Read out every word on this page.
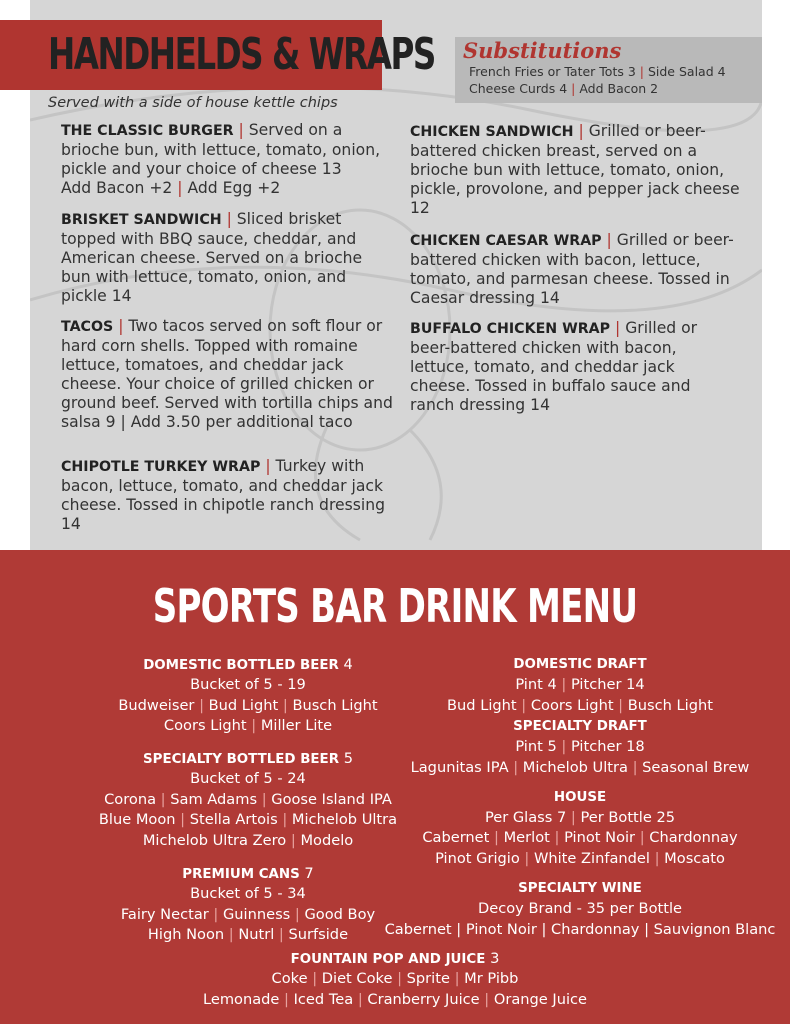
HANDHELDS & WRAPS Substitutions
French Fries or Tater Tots 3 | Side Salad 4
Cheese Curds 4 | Add Bacon 2
Served with a side of house kettle chips
THE CLASSIC BURGER | Served on a brioche bun, with lettuce, tomato, onion, pickle and your choice of cheese 13
Add Bacon +2 | Add Egg +2
BRISKET SANDWICH | Sliced brisket topped with BBQ sauce, cheddar, and American cheese. Served on a brioche bun with lettuce, tomato, onion, and pickle 14
TACOS | Two tacos served on soft flour or hard corn shells. Topped with romaine lettuce, tomatoes, and cheddar jack cheese. Your choice of grilled chicken or ground beef. Served with tortilla chips and salsa 9 | Add 3.50 per additional taco
CHIPOTLE TURKEY WRAP | Turkey with bacon, lettuce, tomato, and cheddar jack cheese. Tossed in chipotle ranch dressing 14
CHICKEN SANDWICH | Grilled or beer-battered chicken breast, served on a brioche bun with lettuce, tomato, onion, pickle, provolone, and pepper jack cheese 12
CHICKEN CAESAR WRAP | Grilled or beer-battered chicken with bacon, lettuce, tomato, and parmesan cheese. Tossed in Caesar dressing 14
BUFFALO CHICKEN WRAP | Grilled or beer-battered chicken with bacon, lettuce, tomato, and cheddar jack cheese. Tossed in buffalo sauce and ranch dressing 14
SPORTS BAR DRINK MENU
DOMESTIC BOTTLED BEER 4
Bucket of 5 - 19
Budweiser | Bud Light | Busch Light
Coors Light | Miller Lite
SPECIALTY BOTTLED BEER 5
Bucket of 5 - 24
Corona | Sam Adams | Goose Island IPA
Blue Moon | Stella Artois | Michelob Ultra
Michelob Ultra Zero | Modelo
PREMIUM CANS 7
Bucket of 5 - 34
Fairy Nectar | Guinness | Good Boy
High Noon | Nutrl | Surfside
DOMESTIC DRAFT
Pint 4 | Pitcher 14
Bud Light | Coors Light | Busch Light
SPECIALTY DRAFT
Pint 5 | Pitcher 18
Lagunitas IPA | Michelob Ultra | Seasonal Brew
HOUSE
Per Glass 7 | Per Bottle 25
Cabernet | Merlot | Pinot Noir | Chardonnay
Pinot Grigio | White Zinfandel | Moscato
SPECIALTY WINE
Decoy Brand - 35 per Bottle
Cabernet | Pinot Noir | Chardonnay | Sauvignon Blanc
FOUNTAIN POP AND JUICE 3
Coke | Diet Coke | Sprite | Mr Pibb
Lemonade | Iced Tea | Cranberry Juice | Orange Juice
